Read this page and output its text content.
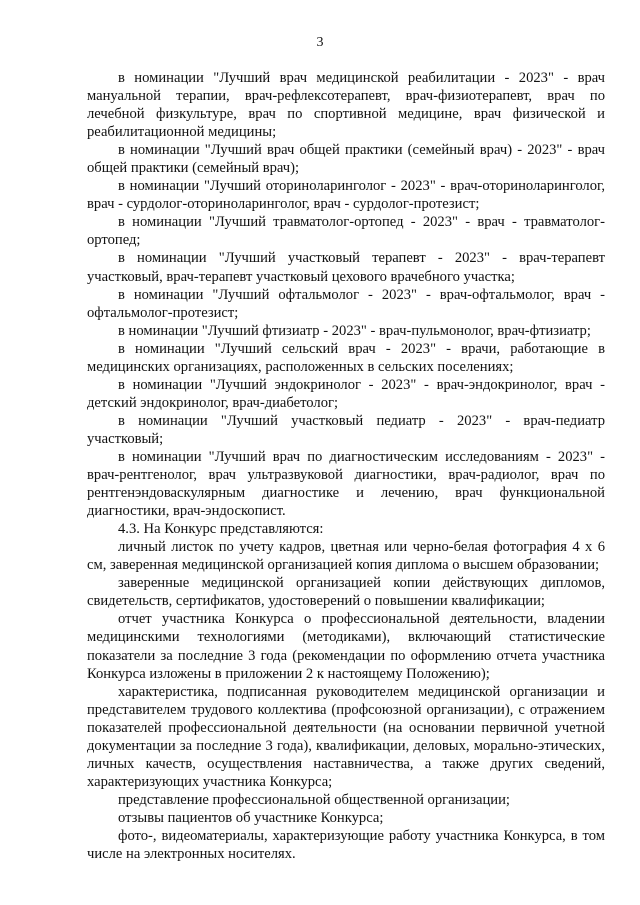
3

в номинации "Лучший врач медицинской реабилитации - 2023" - врач мануальной терапии, врач-рефлексотерапевт, врач-физиотерапевт, врач по лечебной физкультуре, врач по спортивной медицине, врач физической и реабилитационной медицины;

в номинации "Лучший врач общей практики (семейный врач) - 2023" - врач общей практики (семейный врач);

в номинации "Лучший оториноларинголог - 2023" - врач-оториноларинголог, врач - сурдолог-оториноларинголог, врач - сурдолог-протезист;

в номинации "Лучший травматолог-ортопед - 2023" - врач - травматолог-ортопед;

в номинации "Лучший участковый терапевт - 2023" - врач-терапевт участковый, врач-терапевт участковый цехового врачебного участка;

в номинации "Лучший офтальмолог - 2023" - врач-офтальмолог, врач - офтальмолог-протезист;

в номинации "Лучший фтизиатр - 2023" - врач-пульмонолог, врач-фтизиатр;

в номинации "Лучший сельский врач - 2023" - врачи, работающие в медицинских организациях, расположенных в сельских поселениях;

в номинации "Лучший эндокринолог - 2023" - врач-эндокринолог, врач - детский эндокринолог, врач-диабетолог;

в номинации "Лучший участковый педиатр - 2023" - врач-педиатр участковый;

в номинации "Лучший врач по диагностическим исследованиям - 2023" - врач-рентгенолог, врач ультразвуковой диагностики, врач-радиолог, врач по рентгенэндоваскулярным диагностике и лечению, врач функциональной диагностики, врач-эндоскопист.

4.3. На Конкурс представляются:

личный листок по учету кадров, цветная или черно-белая фотография 4 x 6 см, заверенная медицинской организацией копия диплома о высшем образовании;

заверенные медицинской организацией копии действующих дипломов, свидетельств, сертификатов, удостоверений о повышении квалификации;

отчет участника Конкурса о профессиональной деятельности, владении медицинскими технологиями (методиками), включающий статистические показатели за последние 3 года (рекомендации по оформлению отчета участника Конкурса изложены в приложении 2 к настоящему Положению);

характеристика, подписанная руководителем медицинской организации и представителем трудового коллектива (профсоюзной организации), с отражением показателей профессиональной деятельности (на основании первичной учетной документации за последние 3 года), квалификации, деловых, морально-этических, личных качеств, осуществления наставничества, а также других сведений, характеризующих участника Конкурса;

представление профессиональной общественной организации;

отзывы пациентов об участнике Конкурса;

фото-, видеоматериалы, характеризующие работу участника Конкурса, в том числе на электронных носителях.
